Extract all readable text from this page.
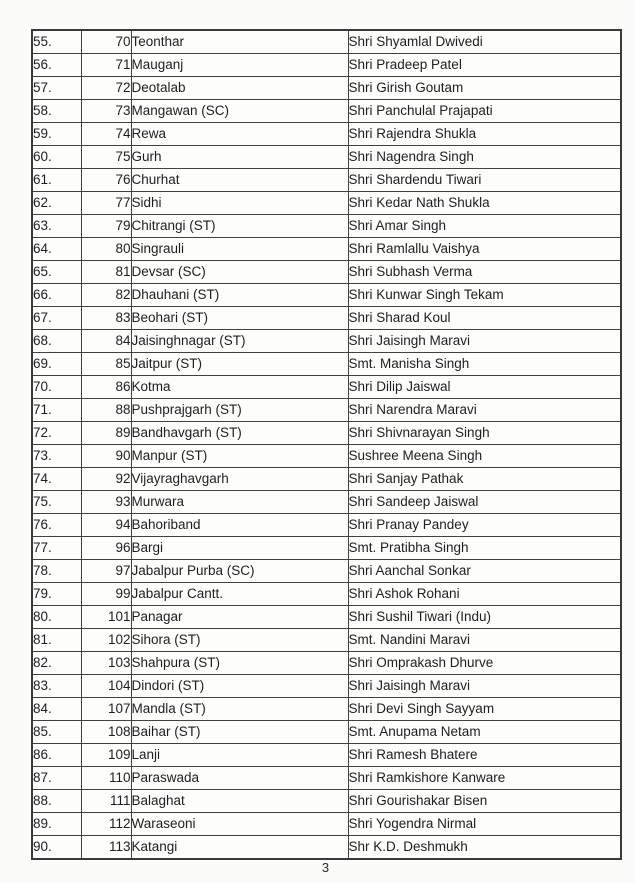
55.	70	Teonthar	Shri Shyamlal Dwivedi
56.	71	Mauganj	Shri Pradeep Patel
57.	72	Deotalab	Shri Girish Goutam
58.	73	Mangawan (SC)	Shri Panchulal Prajapati
59.	74	Rewa	Shri Rajendra Shukla
60.	75	Gurh	Shri Nagendra Singh
61.	76	Churhat	Shri Shardendu Tiwari
62.	77	Sidhi	Shri Kedar Nath Shukla
63.	79	Chitrangi (ST)	Shri Amar Singh
64.	80	Singrauli	Shri Ramlallu Vaishya
65.	81	Devsar (SC)	Shri Subhash Verma
66.	82	Dhauhani (ST)	Shri Kunwar Singh Tekam
67.	83	Beohari (ST)	Shri Sharad Koul
68.	84	Jaisinghnagar (ST)	Shri Jaisingh Maravi
69.	85	Jaitpur (ST)	Smt. Manisha Singh
70.	86	Kotma	Shri Dilip Jaiswal
71.	88	Pushprajgarh (ST)	Shri Narendra Maravi
72.	89	Bandhavgarh (ST)	Shri Shivnarayan Singh
73.	90	Manpur (ST)	Sushree Meena Singh
74.	92	Vijayraghavgarh	Shri Sanjay Pathak
75.	93	Murwara	Shri Sandeep Jaiswal
76.	94	Bahoriband	Shri Pranay Pandey
77.	96	Bargi	Smt. Pratibha Singh
78.	97	Jabalpur Purba (SC)	Shri Aanchal Sonkar
79.	99	Jabalpur Cantt.	Shri Ashok Rohani
80.	101	Panagar	Shri Sushil Tiwari (Indu)
81.	102	Sihora (ST)	Smt. Nandini Maravi
82.	103	Shahpura (ST)	Shri Omprakash Dhurve
83.	104	Dindori (ST)	Shri Jaisingh Maravi
84.	107	Mandla (ST)	Shri Devi Singh Sayyam
85.	108	Baihar (ST)	Smt. Anupama Netam
86.	109	Lanji	Shri Ramesh Bhatere
87.	110	Paraswada	Shri Ramkishore Kanware
88.	111	Balaghat	Shri Gourishakar Bisen
89.	112	Waraseoni	Shri Yogendra Nirmal
90.	113	Katangi	Shr K.D. Deshmukh
3
